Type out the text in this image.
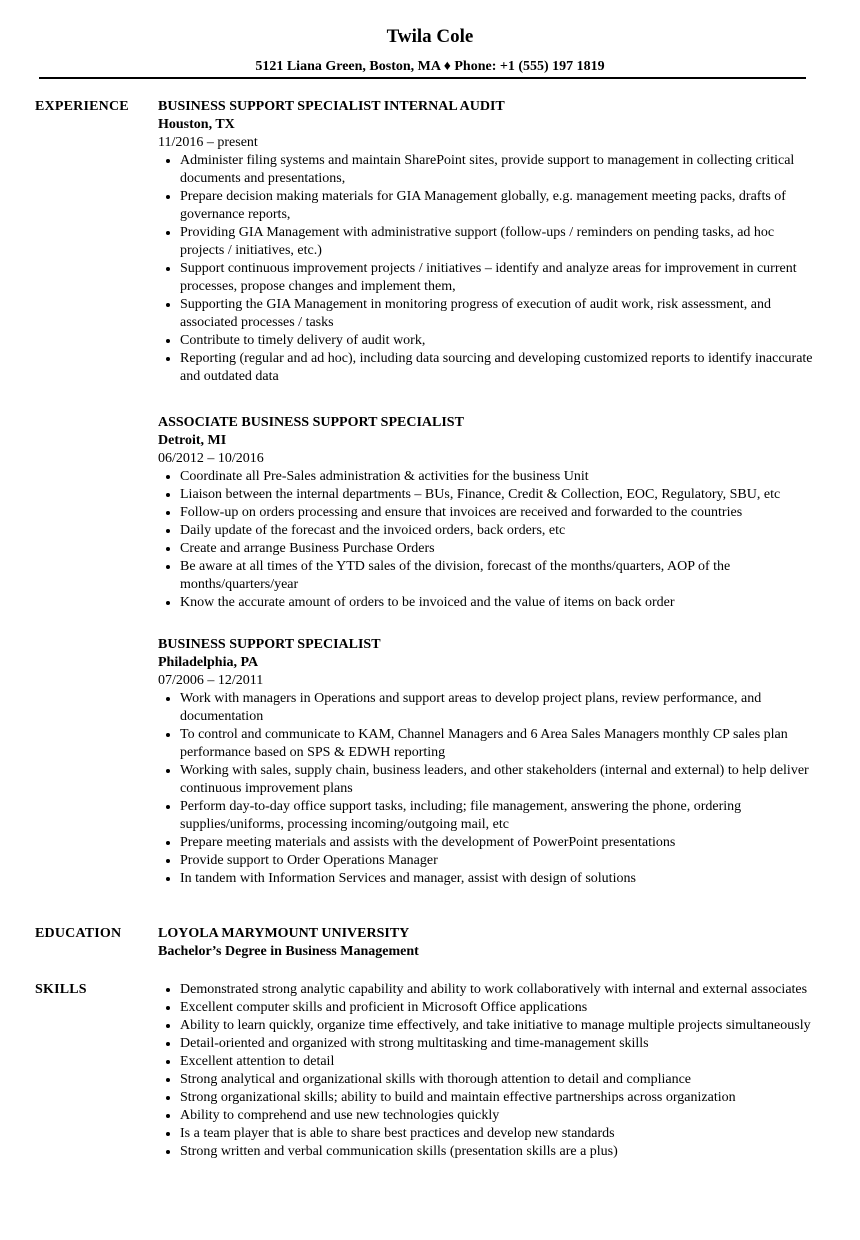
Twila Cole
5121 Liana Green, Boston, MA ♦ Phone: +1 (555) 197 1819
EXPERIENCE BUSINESS SUPPORT SPECIALIST INTERNAL AUDIT
Houston, TX
11/2016 – present
• Administer filing systems and maintain SharePoint sites, provide support to management in collecting critical documents and presentations,
• Prepare decision making materials for GIA Management globally, e.g. management meeting packs, drafts of governance reports,
• Providing GIA Management with administrative support (follow-ups / reminders on pending tasks, ad hoc projects / initiatives, etc.)
• Support continuous improvement projects / initiatives – identify and analyze areas for improvement in current processes, propose changes and implement them,
• Supporting the GIA Management in monitoring progress of execution of audit work, risk assessment, and associated processes / tasks
• Contribute to timely delivery of audit work,
• Reporting (regular and ad hoc), including data sourcing and developing customized reports to identify inaccurate and outdated data
ASSOCIATE BUSINESS SUPPORT SPECIALIST
Detroit, MI
06/2012 – 10/2016
• Coordinate all Pre-Sales administration & activities for the business Unit
• Liaison between the internal departments – BUs, Finance, Credit & Collection, EOC, Regulatory, SBU, etc
• Follow-up on orders processing and ensure that invoices are received and forwarded to the countries
• Daily update of the forecast and the invoiced orders, back orders, etc
• Create and arrange Business Purchase Orders
• Be aware at all times of the YTD sales of the division, forecast of the months/quarters, AOP of the months/quarters/year
• Know the accurate amount of orders to be invoiced and the value of items on back order
BUSINESS SUPPORT SPECIALIST
Philadelphia, PA
07/2006 – 12/2011
• Work with managers in Operations and support areas to develop project plans, review performance, and documentation
• To control and communicate to KAM, Channel Managers and 6 Area Sales Managers monthly CP sales plan performance based on SPS & EDWH reporting
• Working with sales, supply chain, business leaders, and other stakeholders (internal and external) to help deliver continuous improvement plans
• Perform day-to-day office support tasks, including; file management, answering the phone, ordering supplies/uniforms, processing incoming/outgoing mail, etc
• Prepare meeting materials and assists with the development of PowerPoint presentations
• Provide support to Order Operations Manager
• In tandem with Information Services and manager, assist with design of solutions
EDUCATION	LOYOLA MARYMOUNT UNIVERSITY
Bachelor’s Degree in Business Management
SKILLS
•	Demonstrated strong analytic capability and ability to work collaboratively with internal and external associates
• Excellent computer skills and proficient in Microsoft Office applications
• Ability to learn quickly, organize time effectively, and take initiative to manage multiple projects simultaneously
• Detail-oriented and organized with strong multitasking and time-management skills
• Excellent attention to detail
• Strong analytical and organizational skills with thorough attention to detail and compliance
• Strong organizational skills; ability to build and maintain effective partnerships across organization
• Ability to comprehend and use new technologies quickly
• Is a team player that is able to share best practices and develop new standards
• Strong written and verbal communication skills (presentation skills are a plus)
